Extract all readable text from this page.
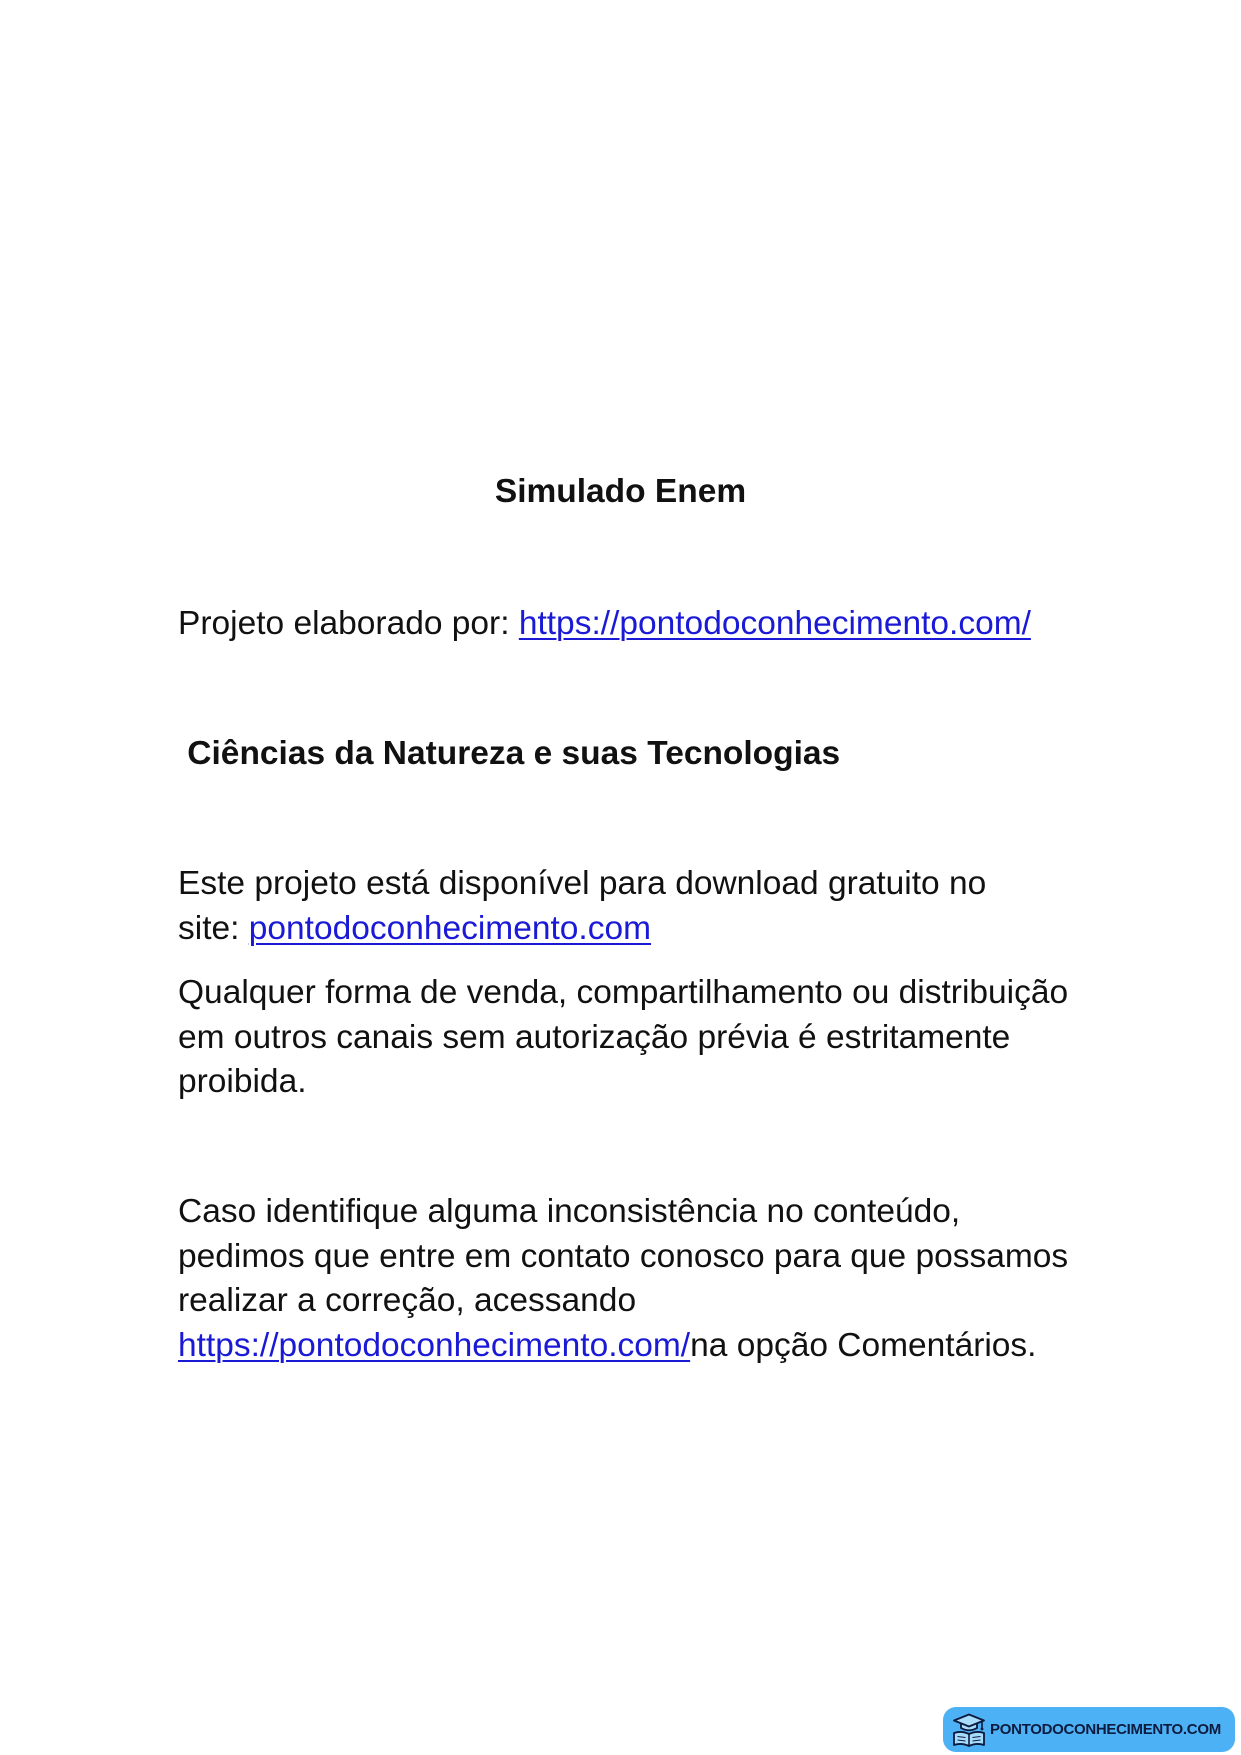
Simulado Enem
Projeto elaborado por: https://pontodoconhecimento.com/
Ciências da Natureza e suas Tecnologias
Este projeto está disponível para download gratuito no
site: pontodoconhecimento.com
Qualquer forma de venda, compartilhamento ou distribuição
em outros canais sem autorização prévia é estritamente
proibida.
Caso identifique alguma inconsistência no conteúdo,
pedimos que entre em contato conosco para que possamos
realizar a correção, acessando
https://pontodoconhecimento.com/na opção Comentários.
PONTODOCONHECIMENTO.COM
